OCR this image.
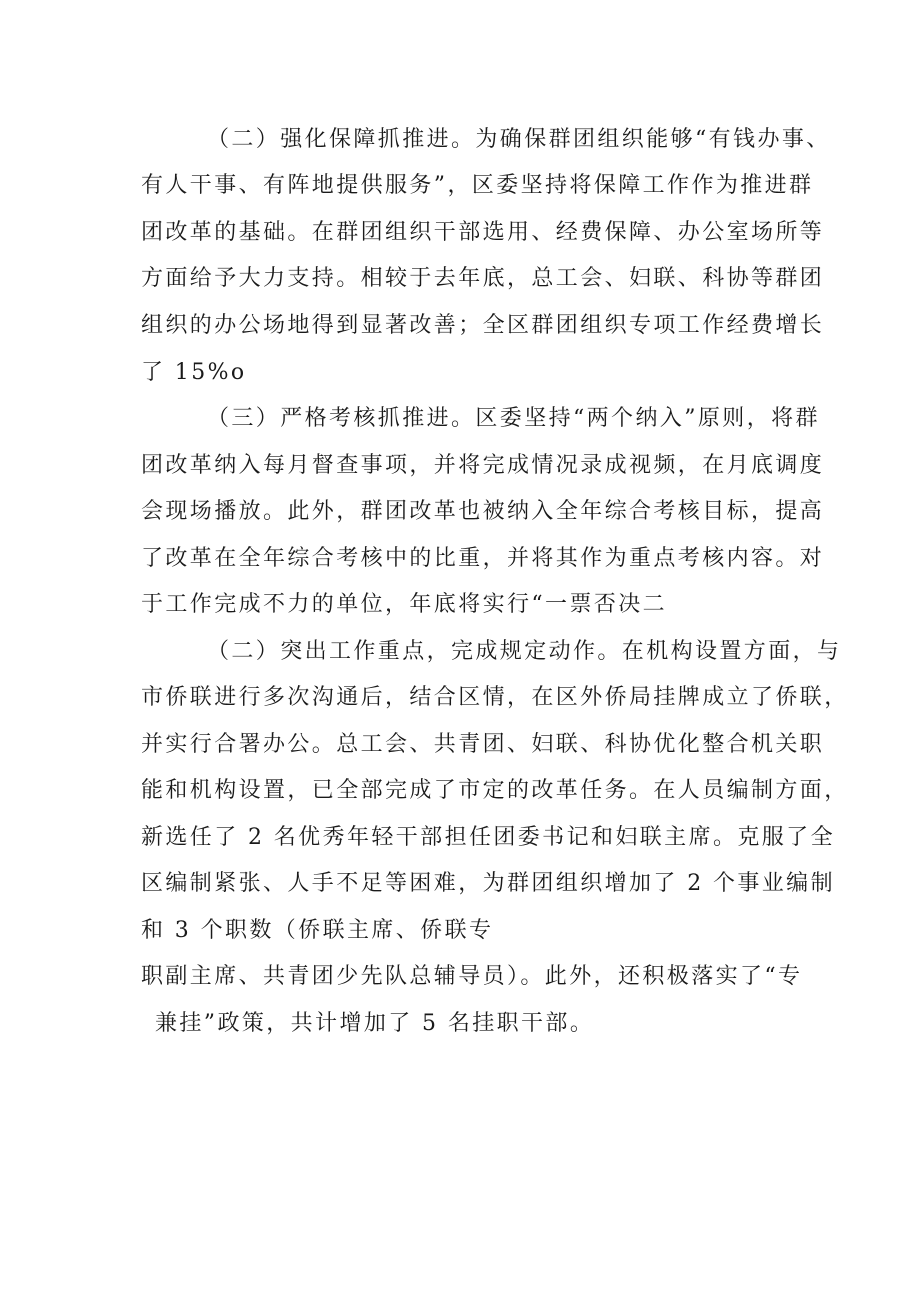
（二）强化保障抓推进。为确保群团组织能够“有钱办事、
有人干事、有阵地提供服务”，区委坚持将保障工作作为推进群
团改革的基础。在群团组织干部选用、经费保障、办公室场所等
方面给予大力支持。相较于去年底，总工会、妇联、科协等群团
组织的办公场地得到显著改善；全区群团组织专项工作经费增长
了 15%o
（三）严格考核抓推进。区委坚持“两个纳入”原则，将群
团改革纳入每月督查事项，并将完成情况录成视频，在月底调度
会现场播放。此外，群团改革也被纳入全年综合考核目标，提高
了改革在全年综合考核中的比重，并将其作为重点考核内容。对
于工作完成不力的单位，年底将实行“一票否决二
（二）突出工作重点，完成规定动作。在机构设置方面，与
市侨联进行多次沟通后，结合区情，在区外侨局挂牌成立了侨联，
并实行合署办公。总工会、共青团、妇联、科协优化整合机关职
能和机构设置，已全部完成了市定的改革任务。在人员编制方面，
新选任了 2 名优秀年轻干部担任团委书记和妇联主席。克服了全
区编制紧张、人手不足等困难，为群团组织增加了 2 个事业编制
和 3 个职数（侨联主席、侨联专
职副主席、共青团少先队总辅导员）。此外，还积极落实了“专
兼挂”政策，共计增加了 5 名挂职干部。
